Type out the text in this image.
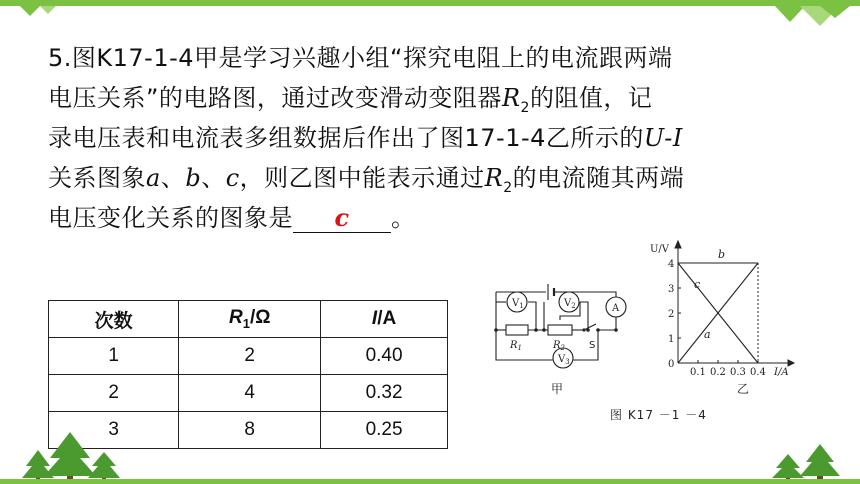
5.图K17-1-4甲是学习兴趣小组“探究电阻上的电流跟两端
电压关系”的电路图，通过改变滑动变阻器$R_2$的阻值，记
录电压表和电流表多组数据后作出了图17-1-4乙所示的U-I
关系图象a、b、c，则乙图中能表示通过$R_2$的电流随其两端
电压变化关系的图象是 c 。
次数	$R_1/\Omega$	I/A
1	2	0.40
2	4	0.32
3	8	0.25
$V_1$	$V_2$	A
$V_3$
$R_1$	$R_2$ S
甲
0
1
2
3
4
0.1 0.2 0.3 0.4
a
b
c
U/V
I/A
乙
图 K17 －1 －4
